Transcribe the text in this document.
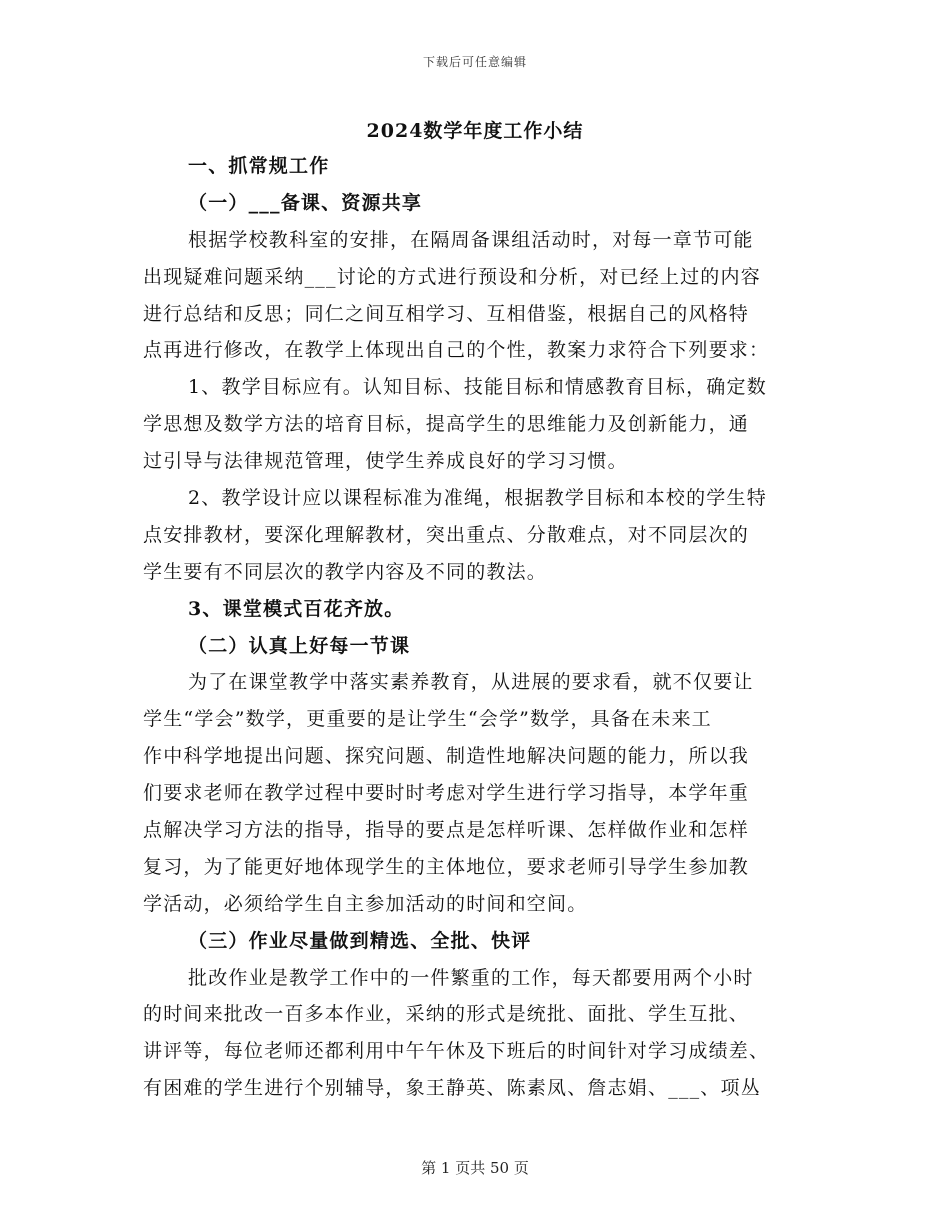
下载后可任意编辑
2024数学年度工作小结
一、抓常规工作
（一）___备课、资源共享
根据学校教科室的安排，在隔周备课组活动时，对每一章节可能
出现疑难问题采纳___讨论的方式进行预设和分析，对已经上过的内容
进行总结和反思；同仁之间互相学习、互相借鉴，根据自己的风格特
点再进行修改，在教学上体现出自己的个性，教案力求符合下列要求：
1、教学目标应有。认知目标、技能目标和情感教育目标，确定数
学思想及数学方法的培育目标，提高学生的思维能力及创新能力，通
过引导与法律规范管理，使学生养成良好的学习习惯。
2、教学设计应以课程标准为准绳，根据教学目标和本校的学生特
点安排教材，要深化理解教材，突出重点、分散难点，对不同层次的
学生要有不同层次的教学内容及不同的教法。
3、课堂模式百花齐放。
（二）认真上好每一节课
为了在课堂教学中落实素养教育，从进展的要求看，就不仅要让
学生“学会”数学，更重要的是让学生“会学”数学，具备在未来工
作中科学地提出问题、探究问题、制造性地解决问题的能力，所以我
们要求老师在教学过程中要时时考虑对学生进行学习指导，本学年重
点解决学习方法的指导，指导的要点是怎样听课、怎样做作业和怎样
复习，为了能更好地体现学生的主体地位，要求老师引导学生参加教
学活动，必须给学生自主参加活动的时间和空间。
（三）作业尽量做到精选、全批、快评
批改作业是教学工作中的一件繁重的工作，每天都要用两个小时
的时间来批改一百多本作业，采纳的形式是统批、面批、学生互批、
讲评等，每位老师还都利用中午午休及下班后的时间针对学习成绩差、
有困难的学生进行个别辅导，象王静英、陈素凤、詹志娟、___、项丛
第 1 页共 50 页
